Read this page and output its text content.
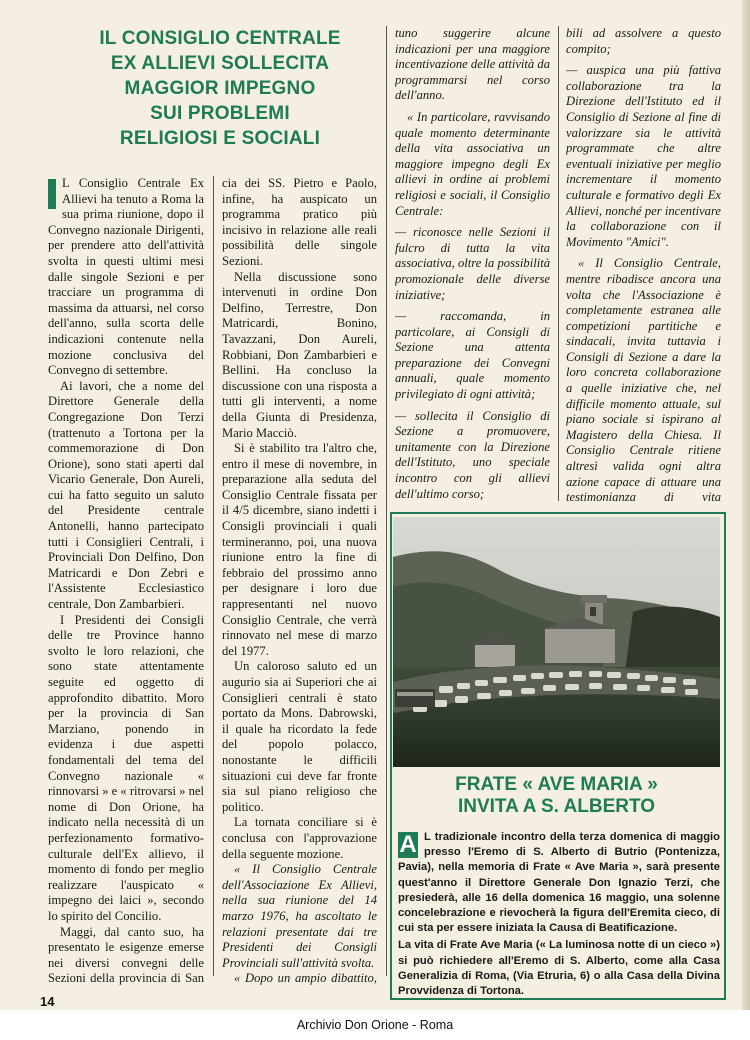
IL CONSIGLIO CENTRALE
EX ALLIEVI SOLLECITA
MAGGIOR IMPEGNO
SUI PROBLEMI
RELIGIOSI E SOCIALI

L Consiglio Centrale Ex Allievi ha tenuto a Roma la sua prima riunione, dopo il Convegno nazionale Dirigenti, per prendere atto dell'attività svolta in questi ultimi mesi dalle singole Sezioni e per tracciare un programma di massima da attuarsi, nel corso dell'anno, sulla scorta delle indicazioni contenute nella mozione conclusiva del Convegno di settembre.

Ai lavori, che a nome del Direttore Generale della Congregazione Don Terzi (trattenuto a Tortona per la commemorazione di Don Orione), sono stati aperti dal Vicario Generale, Don Aureli, cui ha fatto seguito un saluto del Presidente centrale Antonelli, hanno partecipato tutti i Consiglieri Centrali, i Provinciali Don Delfino, Don Matricardi e Don Zebri e l'Assistente Ecclesiastico centrale, Don Zambarbieri.

I Presidenti dei Consigli delle tre Province hanno svolto le loro relazioni, che sono state attentamente seguite ed oggetto di approfondito dibattito. Moro per la provincia di San Marziano, ponendo in evidenza i due aspetti fondamentali del tema del Convegno nazionale « rinnovarsi » e « ritrovarsi » nel nome di Don Orione, ha indicato nella necessità di un perfezionamento formativo-culturale dell'Ex allievo, il momento di fondo per meglio realizzare l'auspicato « impegno dei laici », secondo lo spirito del Concilio.

Maggi, dal canto suo, ha presentato le esigenze emerse nei diversi convegni delle Sezioni della provincia di San

cia dei SS. Pietro e Paolo, infine, ha auspicato un programma pratico più incisivo in relazione alle reali possibilità delle singole Sezioni.

Nella discussione sono intervenuti in ordine Don Delfino, Terrestre, Don Matricardi, Bonino, Tavazzani, Don Aureli, Robbiani, Don Zambarbieri e Bellini. Ha concluso la discussione con una risposta a tutti gli interventi, a nome della Giunta di Presidenza, Mario Macciò.

Si è stabilito tra l'altro che, entro il mese di novembre, in preparazione alla seduta del Consiglio Centrale fissata per il 4/5 dicembre, siano indetti i Consigli provinciali i quali termineranno, poi, una nuova riunione entro la fine di febbraio del prossimo anno per designare i loro due rappresentanti nel nuovo Consiglio Centrale, che verrà rinnovato nel mese di marzo del 1977.

Un caloroso saluto ed un augurio sia ai Superiori che ai Consiglieri centrali è stato portato da Mons. Dabrowski, il quale ha ricordato la fede del popolo polacco, nonostante le difficili situazioni cui deve far fronte sia sul piano religioso che politico.

La tornata conciliare si è conclusa con l'approvazione della seguente mozione.

« Il Consiglio Centrale dell'Associazione Ex Allievi, nella sua riunione del 14 marzo 1976, ha ascoltato le relazioni presentate dai tre Presidenti dei Consigli Provinciali sull'attività svolta.

« Dopo un ampio dibattito,

tuno suggerire alcune indicazioni per una maggiore incentivazione delle attività da programmarsi nel corso dell'anno.

« In particolare, ravvisando quale momento determinante della vita associativa un maggiore impegno degli Ex allievi in ordine ai problemi religiosi e sociali, il Consiglio Centrale:

— riconosce nelle Sezioni il fulcro di tutta la vita associativa, oltre la possibilità promozionale delle diverse iniziative;

— raccomanda, in particolare, ai Consigli di Sezione una attenta preparazione dei Convegni annuali, quale momento privilegiato di ogni attività;

— sollecita il Consiglio di Sezione a promuovere, unitamente con la Direzione dell'Istituto, uno speciale incontro con gli allievi dell'ultimo corso;

bili ad assolvere a questo compito;

— auspica una più fattiva collaborazione tra la Direzione dell'Istituto ed il Consiglio di Sezione al fine di valorizzare sia le attività programmate che altre eventuali iniziative per meglio incrementare il momento culturale e formativo degli Ex Allievi, nonché per incentivare la collaborazione con il Movimento "Amici".

« Il Consiglio Centrale, mentre ribadisce ancora una volta che l'Associazione è completamente estranea alle competizioni partitiche e sindacali, invita tuttavia i Consigli di Sezione a dare la loro concreta collaborazione a quelle iniziative che, nel difficile momento attuale, sul piano sociale si ispirano al Magistero della Chiesa. Il Consiglio Centrale ritiene altresì valida ogni altra azione capace di attuare una testimonianza di vita

FRATE « AVE MARIA »
INVITA A S. ALBERTO

A L tradizionale incontro della terza domenica di maggio presso l'Eremo di S. Alberto di Butrio (Pontenizza, Pavia), nella memoria di Frate « Ave Maria », sarà presente quest'anno il Direttore Generale Don Ignazio Terzi, che presiederà, alle 16 della domenica 16 maggio, una solenne concelebrazione e rievocherà la figura dell'Eremita cieco, di cui sta per essere iniziata la Causa di Beatificazione.

La vita di Frate Ave Maria (« La luminosa notte di un cieco ») si può richiedere all'Eremo di S. Alberto, come alla Casa Generalizia di Roma, (Via Etruria, 6) o alla Casa della Divina Provvidenza di Tortona.

14
Archivio Don Orione - Roma
